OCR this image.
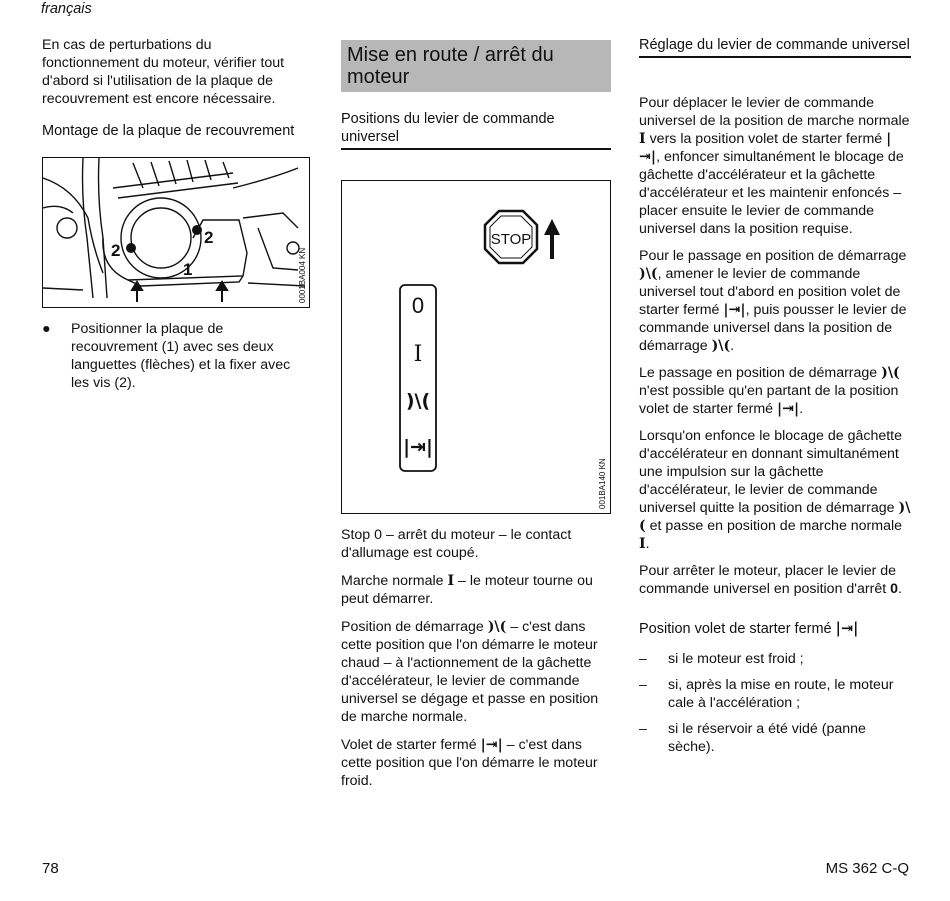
français

En cas de perturbations du fonctionnement du moteur, vérifier tout d'abord si l'utilisation de la plaque de recouvrement est encore nécessaire.

Montage de la plaque de recouvrement
2
2
1	0001BA004 KN
● Positionner la plaque de recouvrement (1) avec ses deux languettes (flèches) et la fixer avec les vis (2).
Mise en route / arrêt du moteur
Positions du levier de commande universel
STOP
0
I
)\(
|⇥|
001BA140 KN

Stop 0 – arrêt du moteur – le contact d'allumage est coupé.

Marche normale I – le moteur tourne ou peut démarrer.

Position de démarrage )\( – c'est dans cette position que l'on démarre le moteur chaud – à l'actionnement de la gâchette d'accélérateur, le levier de commande universel se dégage et passe en position de marche normale.

Volet de starter fermé |⇥| – c'est dans cette position que l'on démarre le moteur froid.

Réglage du levier de commande universel

Pour déplacer le levier de commande universel de la position de marche normale I vers la position volet de starter fermé |⇥|, enfoncer simultanément le blocage de gâchette d'accélérateur et la gâchette d'accélérateur et les maintenir enfoncés – placer ensuite le levier de commande universel dans la position requise.

Pour le passage en position de démarrage )\(, amener le levier de commande universel tout d'abord en position volet de starter fermé |⇥|, puis pousser le levier de commande universel dans la position de démarrage )\(.

Le passage en position de démarrage )\( n'est possible qu'en partant de la position volet de starter fermé |⇥|.

Lorsqu'on enfonce le blocage de gâchette d'accélérateur en donnant simultanément une impulsion sur la gâchette d'accélérateur, le levier de commande universel quitte la position de démarrage )\( et passe en position de marche normale I.

Pour arrêter le moteur, placer le levier de commande universel en position d'arrêt 0.

Position volet de starter fermé |⇥|
– si le moteur est froid ;
– si, après la mise en route, le moteur cale à l'accélération ;
– si le réservoir a été vidé (panne sèche).
78	MS 362 C-Q
